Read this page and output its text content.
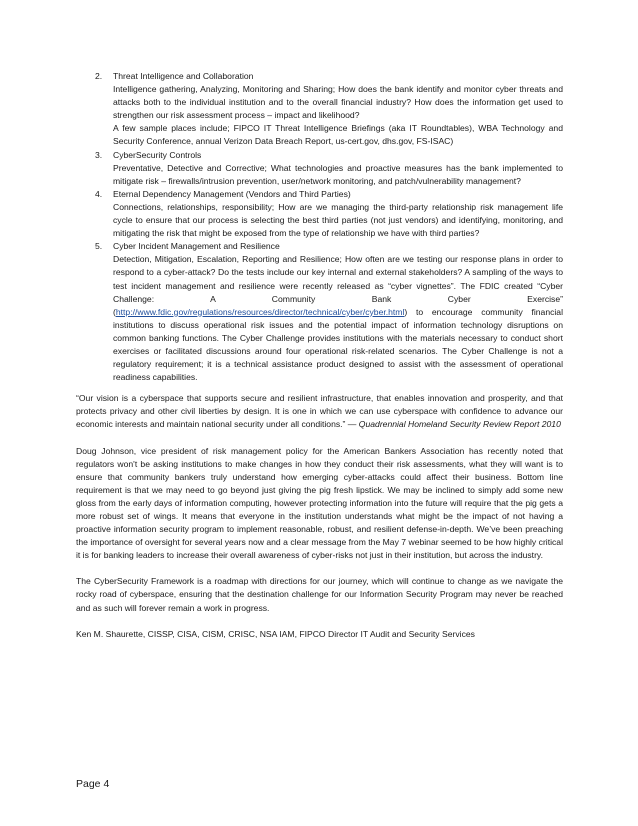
2. Threat Intelligence and Collaboration
Intelligence gathering, Analyzing, Monitoring and Sharing; How does the bank identify and monitor cyber threats and attacks both to the individual institution and to the overall financial industry? How does the information get used to strengthen our risk assessment process – impact and likelihood?
A few sample places include; FIPCO IT Threat Intelligence Briefings (aka IT Roundtables), WBA Technology and Security Conference, annual Verizon Data Breach Report, us-cert.gov, dhs.gov, FS-ISAC)
3. CyberSecurity Controls
Preventative, Detective and Corrective; What technologies and proactive measures has the bank implemented to mitigate risk – firewalls/intrusion prevention, user/network monitoring, and patch/vulnerability management?
4. Eternal Dependency Management (Vendors and Third Parties)
Connections, relationships, responsibility; How are we managing the third-party relationship risk management life cycle to ensure that our process is selecting the best third parties (not just vendors) and identifying, monitoring, and mitigating the risk that might be exposed from the type of relationship we have with third parties?
5. Cyber Incident Management and Resilience
Detection, Mitigation, Escalation, Reporting and Resilience; How often are we testing our response plans in order to respond to a cyber-attack? Do the tests include our key internal and external stakeholders? A sampling of the ways to test incident management and resilience were recently released as “cyber vignettes”. The FDIC created “Cyber Challenge: A Community Bank Cyber Exercise” (http://www.fdic.gov/regulations/resources/director/technical/cyber/cyber.html) to encourage community financial institutions to discuss operational risk issues and the potential impact of information technology disruptions on common banking functions. The Cyber Challenge provides institutions with the materials necessary to conduct short exercises or facilitated discussions around four operational risk-related scenarios. The Cyber Challenge is not a regulatory requirement; it is a technical assistance product designed to assist with the assessment of operational readiness capabilities.

“Our vision is a cyberspace that supports secure and resilient infrastructure, that enables innovation and prosperity, and that protects privacy and other civil liberties by design. It is one in which we can use cyberspace with confidence to advance our economic interests and maintain national security under all conditions.” — Quadrennial Homeland Security Review Report 2010

Doug Johnson, vice president of risk management policy for the American Bankers Association has recently noted that regulators won't be asking institutions to make changes in how they conduct their risk assessments, what they will want is to ensure that community bankers truly understand how emerging cyber-attacks could affect their business. Bottom line requirement is that we may need to go beyond just giving the pig fresh lipstick. We may be inclined to simply add some new gloss from the early days of information computing, however protecting information into the future will require that the pig gets a more robust set of wings. It means that everyone in the institution understands what might be the impact of not having a proactive information security program to implement reasonable, robust, and resilient defense-in-depth. We’ve been preaching the importance of oversight for several years now and a clear message from the May 7 webinar seemed to be how highly critical it is for banking leaders to increase their overall awareness of cyber-risks not just in their institution, but across the industry.

The CyberSecurity Framework is a roadmap with directions for our journey, which will continue to change as we navigate the rocky road of cyberspace, ensuring that the destination challenge for our Information Security Program may never be reached and as such will forever remain a work in progress.

Ken M. Shaurette, CISSP, CISA, CISM, CRISC, NSA IAM, FIPCO Director IT Audit and Security Services

Page 4
